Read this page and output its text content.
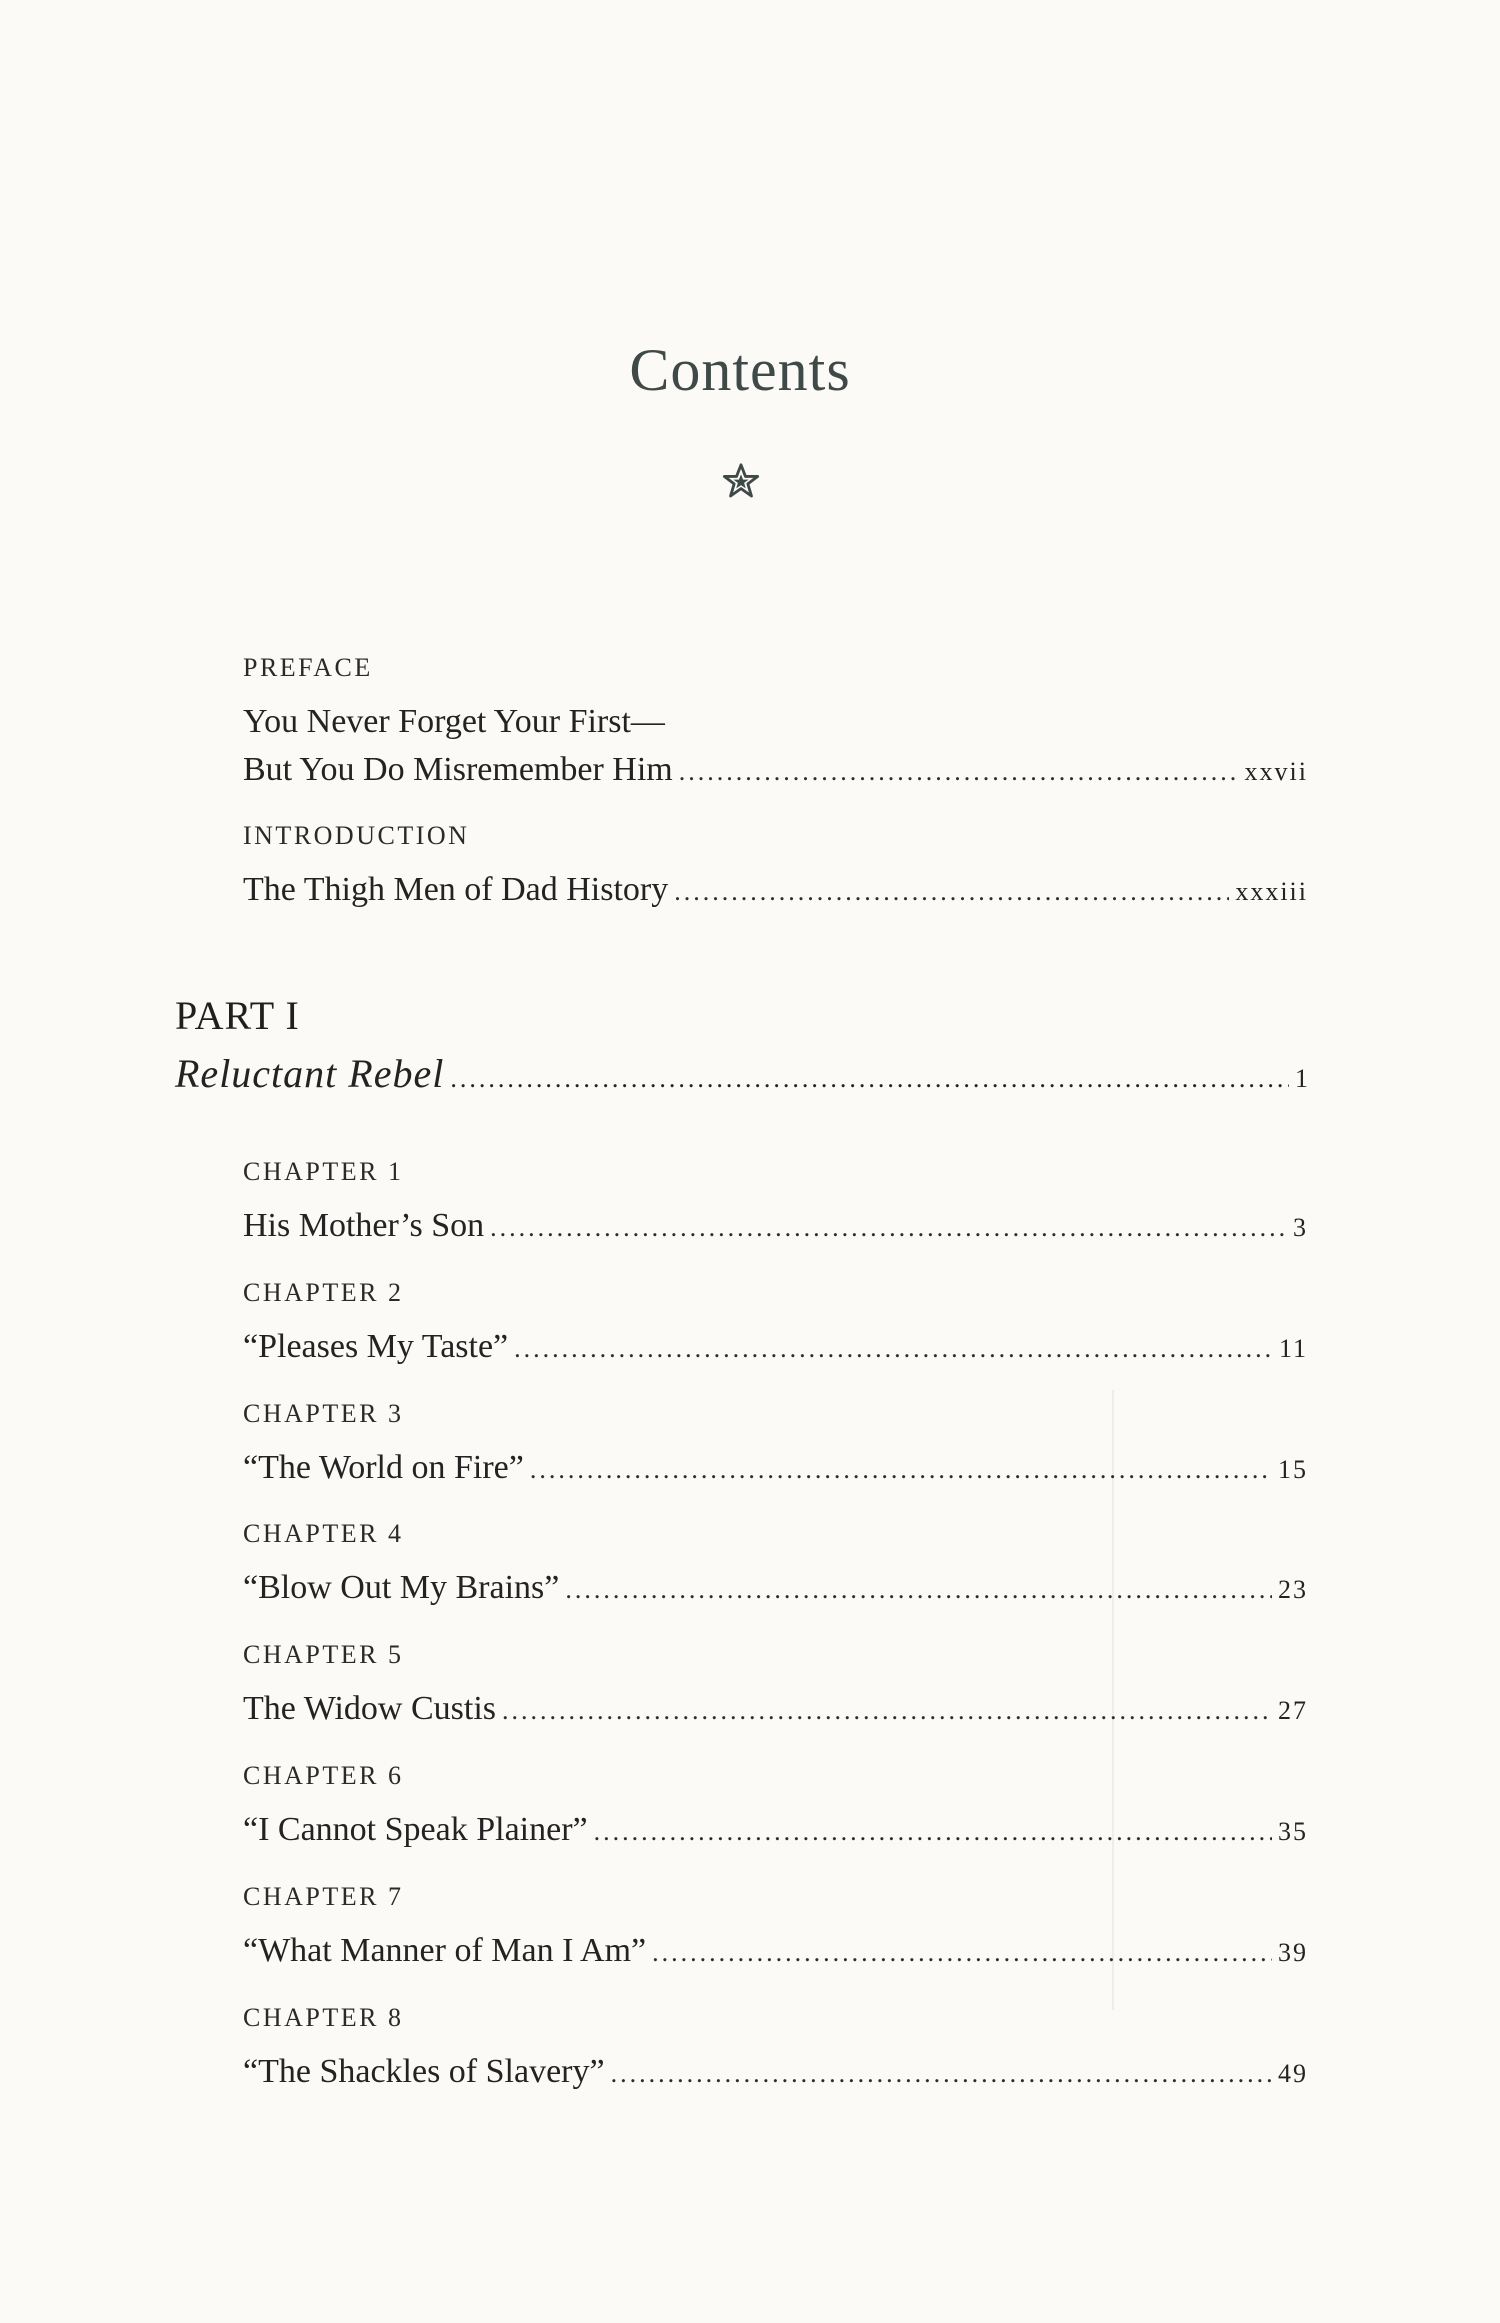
Contents
PREFACE
You Never Forget Your First—
But You Do Misremember Him .....	xxvii
INTRODUCTION
The Thigh Men of Dad History .....	xxxiii
PART I
Reluctant Rebel .....	1
CHAPTER 1
His Mother’s Son .....	3
CHAPTER 2
“Pleases My Taste” .....	11
CHAPTER 3
“The World on Fire” .....	15
CHAPTER 4
“Blow Out My Brains” .....	23
CHAPTER 5
The Widow Custis .....	27
CHAPTER 6
“I Cannot Speak Plainer” .....	35
CHAPTER 7
“What Manner of Man I Am” .....	39
CHAPTER 8
“The Shackles of Slavery” .....	49
